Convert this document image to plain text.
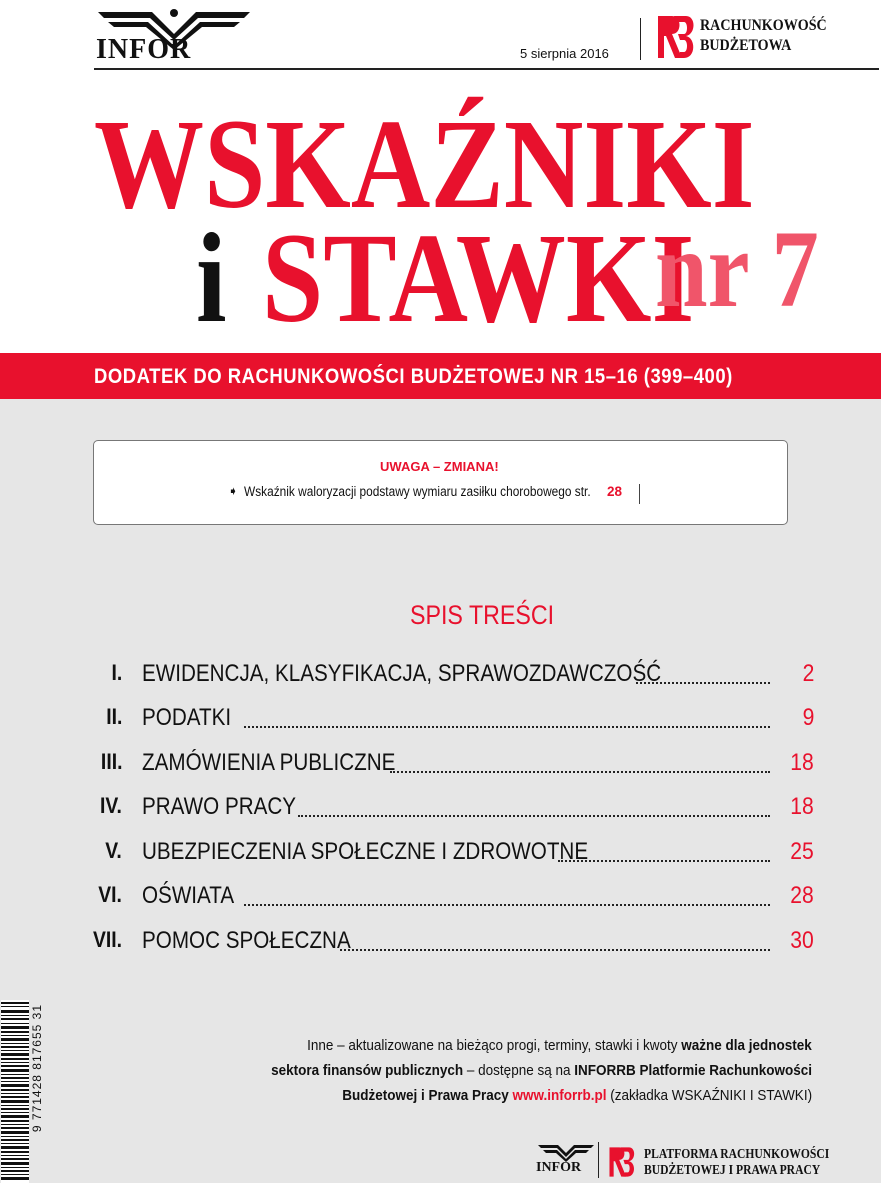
INFOR	5 sierpnia 2016
RACHUNKOWOŚĆ
BUDŻETOWA
WSKAŹNIKI
i STAWKI
nr 7
DODATEK DO RACHUNKOWOŚCI BUDŻETOWEJ NR 15–16 (399–400)
UWAGA – ZMIANA!
➧ Wskaźnik waloryzacji podstawy wymiaru zasiłku chorobowego str. 28
SPIS TREŚCI
I. EWIDENCJA, KLASYFIKACJA, SPRAWOZDAWCZOŚĆ	2
II. PODATKI	9
III. ZAMÓWIENIA PUBLICZNE	18
IV. PRAWO PRACY	18
V. UBEZPIECZENIA SPOŁECZNE I ZDROWOTNE	25
VI. OŚWIATA	28
VII. POMOC SPOŁECZNA	30
9 771428 817655 31	Inne – aktualizowane na bieżąco progi, terminy, stawki i kwoty ważne dla jednostek
sektora finansów publicznych – dostępne są na INFORRB Platformie Rachunkowości
Budżetowej i Prawa Pracy www.inforrb.pl (zakładka WSKAŹNIKI I STAWKI)
INFOR
PLATFORMA RACHUNKOWOŚCI
BUDŻETOWEJ I PRAWA PRACY
